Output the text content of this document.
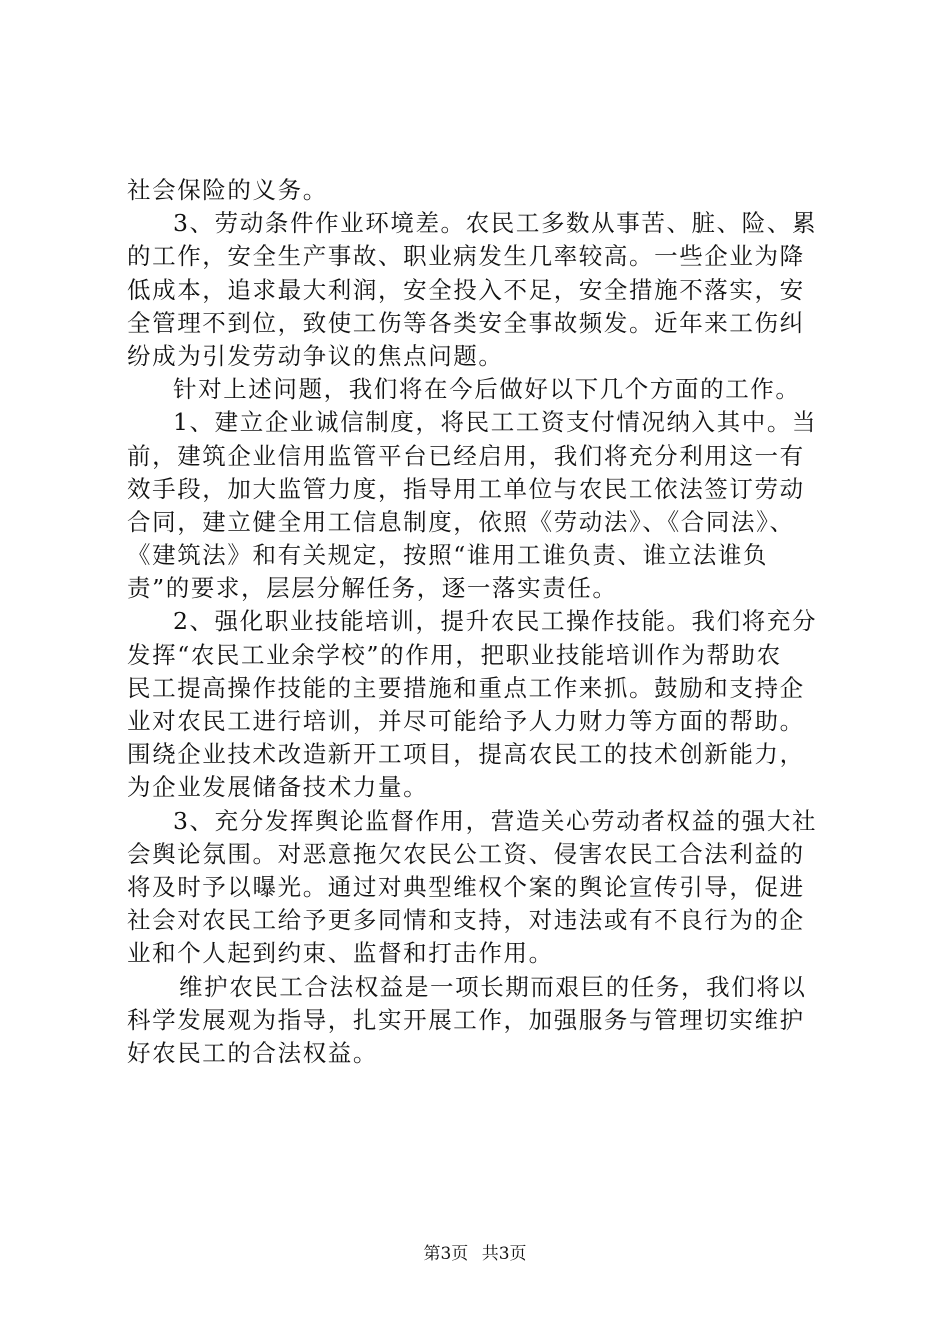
社会保险的义务。
3、劳动条件作业环境差。农民工多数从事苦、脏、险、累
的工作，安全生产事故、职业病发生几率较高。一些企业为降
低成本，追求最大利润，安全投入不足，安全措施不落实，安
全管理不到位，致使工伤等各类安全事故频发。近年来工伤纠
纷成为引发劳动争议的焦点问题。
针对上述问题，我们将在今后做好以下几个方面的工作。
1、建立企业诚信制度，将民工工资支付情况纳入其中。当
前，建筑企业信用监管平台已经启用，我们将充分利用这一有
效手段，加大监管力度，指导用工单位与农民工依法签订劳动
合同，建立健全用工信息制度，依照《劳动法》、《合同法》、
《建筑法》和有关规定，按照“谁用工谁负责、谁立法谁负
责”的要求，层层分解任务，逐一落实责任。
2、强化职业技能培训，提升农民工操作技能。我们将充分
发挥“农民工业余学校”的作用，把职业技能培训作为帮助农
民工提高操作技能的主要措施和重点工作来抓。鼓励和支持企
业对农民工进行培训，并尽可能给予人力财力等方面的帮助。
围绕企业技术改造新开工项目，提高农民工的技术创新能力，
为企业发展储备技术力量。
3、充分发挥舆论监督作用，营造关心劳动者权益的强大社
会舆论氛围。对恶意拖欠农民公工资、侵害农民工合法利益的
将及时予以曝光。通过对典型维权个案的舆论宣传引导，促进
社会对农民工给予更多同情和支持，对违法或有不良行为的企
业和个人起到约束、监督和打击作用。
维护农民工合法权益是一项长期而艰巨的任务，我们将以
科学发展观为指导，扎实开展工作，加强服务与管理切实维护
好农民工的合法权益。
第3页 共3页
